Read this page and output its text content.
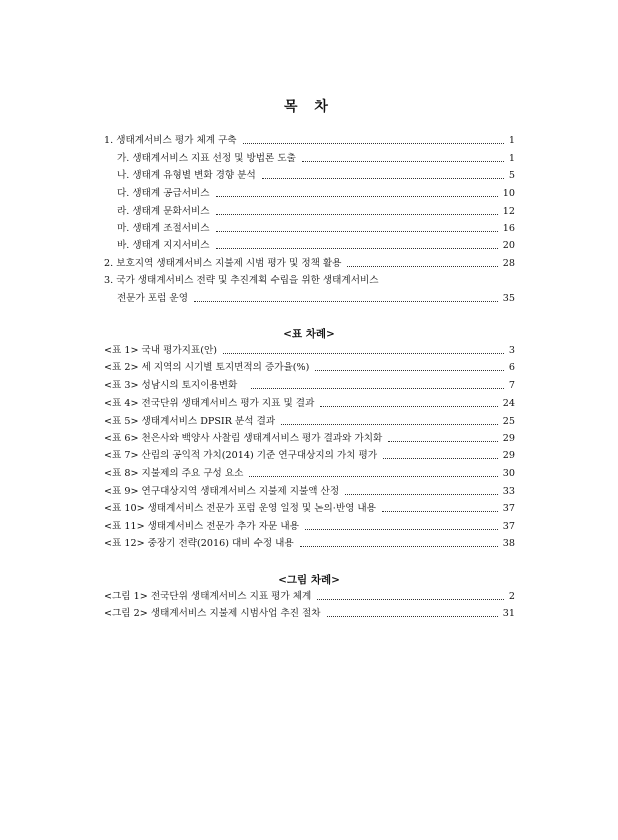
목 차
1. 생태계서비스 평가 체계 구축	1
가. 생태계서비스 지표 선정 및 방법론 도출	1
나. 생태계 유형별 변화 경향 분석	5
다. 생태계 공급서비스	10
라. 생태계 문화서비스	12
마. 생태계 조절서비스	16
바. 생태계 지지서비스	20
2. 보호지역 생태계서비스 지불제 시범 평가 및 정책 활용	28
3. 국가 생태계서비스 전략 및 추진계획 수립을 위한 생태계서비스
전문가 포럼 운영	35
<표 차례>
<표 1> 국내 평가지표(안)	3
<표 2> 세 지역의 시기별 토지면적의 증가율(%)	6
<표 3> 성남시의 토지이용변화	7
<표 4> 전국단위 생태계서비스 평가 지표 및 결과	24
<표 5> 생태계서비스 DPSIR 분석 결과	25
<표 6> 천은사와 백양사 사찰림 생태계서비스 평가 결과와 가치화	29
<표 7> 산림의 공익적 가치(2014) 기준 연구대상지의 가치 평가	29
<표 8> 지불제의 주요 구성 요소	30
<표 9> 연구대상지역 생태계서비스 지불제 지불액 산정	33
<표 10> 생태계서비스 전문가 포럼 운영 일정 및 논의·반영 내용	37
<표 11> 생태계서비스 전문가 추가 자문 내용	37
<표 12> 중장기 전략(2016) 대비 수정 내용	38
<그림 차례>
<그림 1> 전국단위 생태계서비스 지표 평가 체계	2
<그림 2> 생태계서비스 지불제 시범사업 추진 절차	31
